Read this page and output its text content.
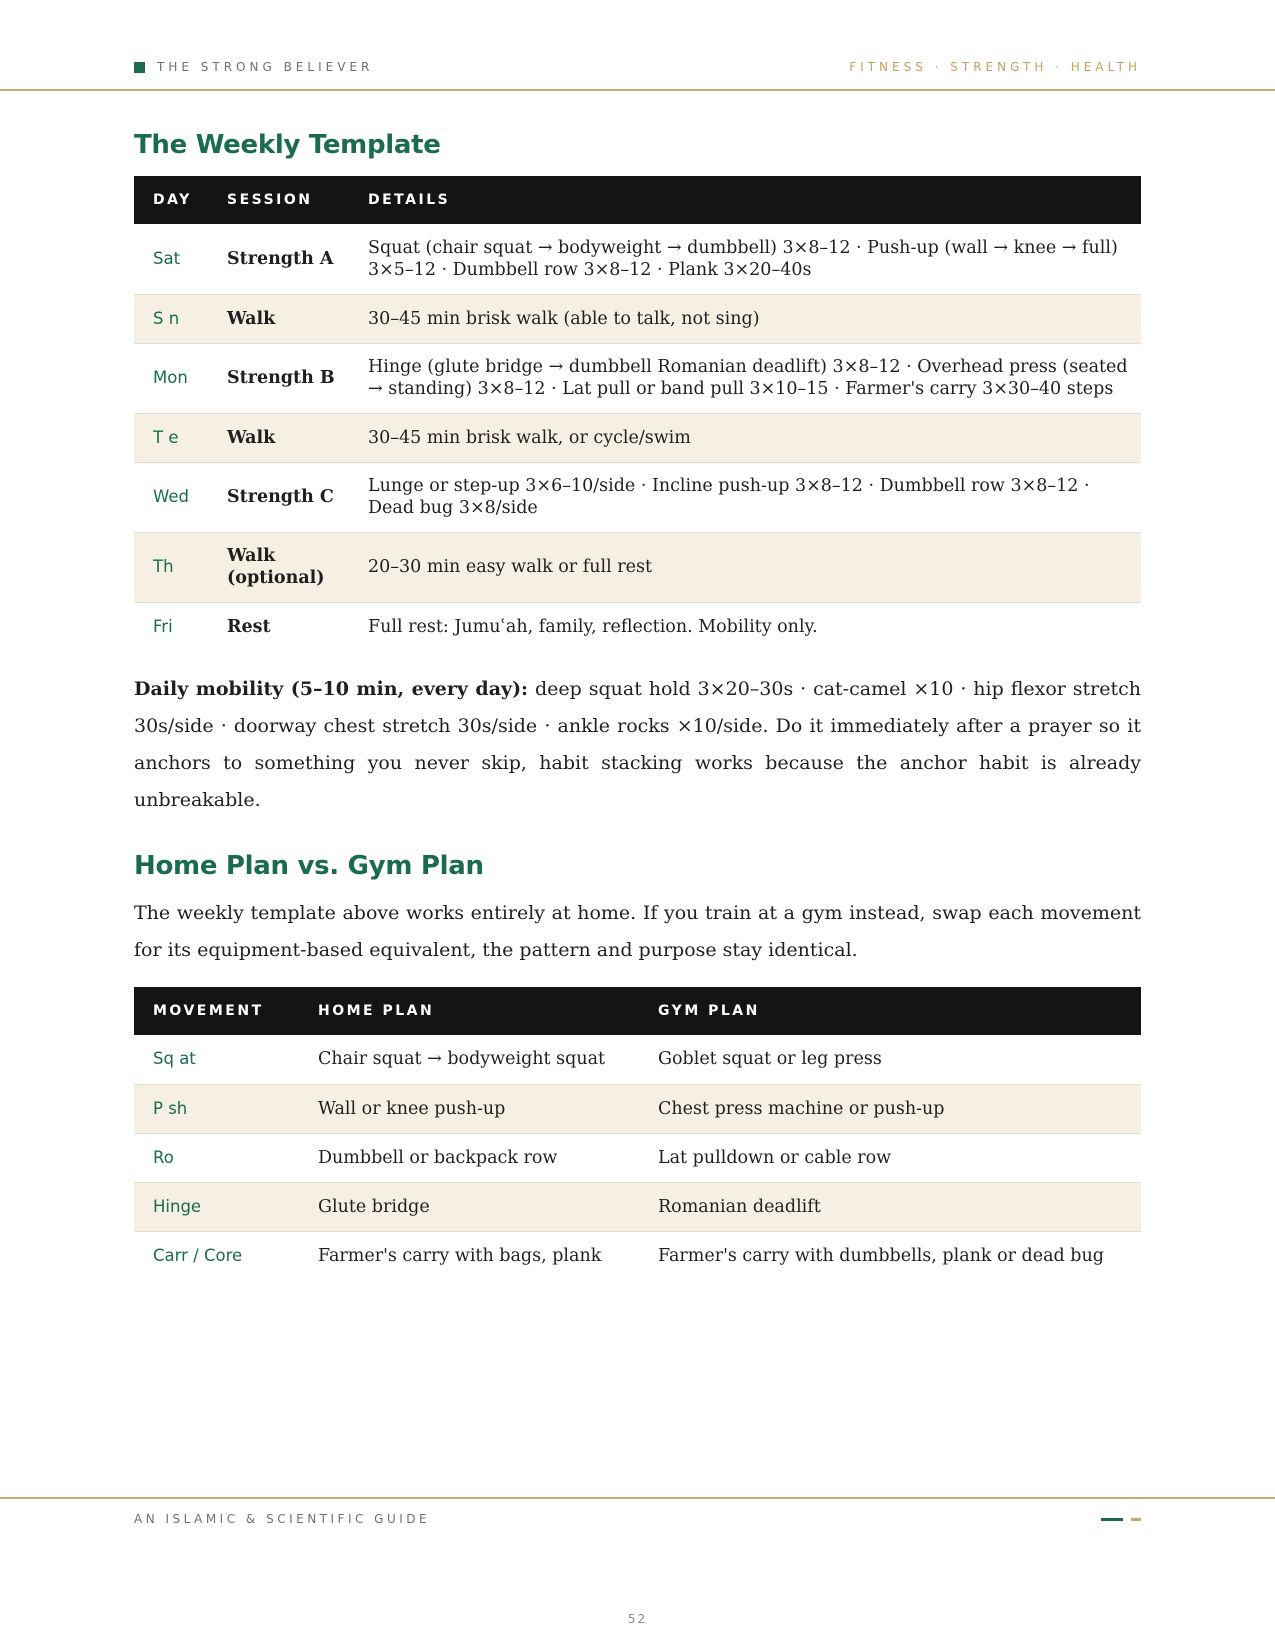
THE STRONG BELIEVER	FITNESS · STRENGTH · HEALTH
The Weekly Template
DAY	SESSION	DETAILS
Sat	Strength A	Squat (chair squat → bodyweight → dumbbell) 3×8–12 · Push-up (wall → knee → full) 3×5–12 · Dumbbell row 3×8–12 · Plank 3×20–40s
S n	Walk	30–45 min brisk walk (able to talk, not sing)
Mon	Strength B	Hinge (glute bridge → dumbbell Romanian deadlift) 3×8–12 · Overhead press (seated → standing) 3×8–12 · Lat pull or band pull 3×10–15 · Farmer's carry 3×30–40 steps
T e	Walk	30–45 min brisk walk, or cycle/swim
Wed	Strength C	Lunge or step-up 3×6–10/side · Incline push-up 3×8–12 · Dumbbell row 3×8–12 · Dead bug 3×8/side
Th	Walk (optional)	20–30 min easy walk or full rest
Fri	Rest	Full rest: Jumuʿah, family, reflection. Mobility only.

Daily mobility (5–10 min, every day): deep squat hold 3×20–30s · cat-camel ×10 · hip flexor stretch 30s/side · doorway chest stretch 30s/side · ankle rocks ×10/side. Do it immediately after a prayer so it anchors to something you never skip, habit stacking works because the anchor habit is already unbreakable.

Home Plan vs. Gym Plan

The weekly template above works entirely at home. If you train at a gym instead, swap each movement for its equipment-based equivalent, the pattern and purpose stay identical.

MOVEMENT	HOME PLAN	GYM PLAN
Sq at	Chair squat → bodyweight squat	Goblet squat or leg press
P sh	Wall or knee push-up	Chest press machine or push-up
Ro	Dumbbell or backpack row	Lat pulldown or cable row
Hinge	Glute bridge	Romanian deadlift
Carr / Core	Farmer's carry with bags, plank	Farmer's carry with dumbbells, plank or dead bug
AN ISLAMIC & SCIENTIFIC GUIDE
52
